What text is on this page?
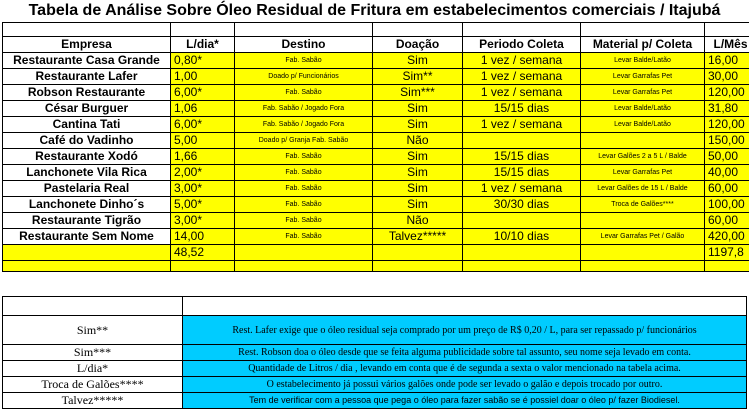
Tabela de Análise Sobre Óleo Residual de Fritura em estabelecimentos comerciais / Itajubá

Empresa	L/dia*	Destino	Doação	Periodo Coleta	Material p/ Coleta	L/Mês
Restaurante Casa Grande	0,80*	Fab. Sabão	Sim	1 vez / semana	Levar Balde/Latão	16,00
Restaurante Lafer	1,00	Doado p/ Funcionários	Sim**	1 vez / semana	Levar Garrafas Pet	30,00
Robson Restaurante	6,00*	Fab. Sabão	Sim***	1 vez / semana	Levar Garrafas Pet	120,00
César Burguer	1,06	Fab. Sabão / Jogado Fora	Sim	15/15 dias	Levar Balde/Latão	31,80
Cantina Tati	6,00*	Fab. Sabão / Jogado Fora	Sim	1 vez / semana	Levar Balde/Latão	120,00
Café do Vadinho	5,00	Doado p/ Granja Fab. Sabão	Não			150,00
Restaurante Xodó	1,66	Fab. Sabão	Sim	15/15 dias	Levar Galões 2 a 5 L / Balde	50,00
Lanchonete Vila Rica	2,00*	Fab. Sabão	Sim	15/15 dias	Levar Garrafas Pet	40,00
Pastelaria Real	3,00*	Fab. Sabão	Sim	1 vez / semana	Levar Galões de 15 L / Balde	60,00
Lanchonete Dinho´s	5,00*	Fab. Sabão	Sim	30/30 dias	Troca de Galões****	100,00
Restaurante Tigrão	3,00*	Fab. Sabão	Não			60,00
Restaurante Sem Nome	14,00	Fab. Sabão	Talvez*****	10/10 dias	Levar Garrafas Pet / Galão	420,00
	48,52					1197,8

Sim**	Rest. Lafer exige que o óleo residual seja comprado por um preço de R$ 0,20 / L, para ser repassado p/ funcionários
Sim***	Rest. Robson doa o óleo desde que se feita alguma publicidade sobre tal assunto, seu nome seja levado em conta.
L/dia*	Quantidade de Litros / dia , levando em conta que é de segunda a sexta o valor mencionado na tabela acima.
Troca de Galões****	O estabelecimento já possui vários galões onde pode ser levado o galão e depois trocado por outro.
Talvez*****	Tem de verificar com a pessoa que pega o óleo para fazer sabão se é possiel doar o óleo p/ fazer Biodiesel.
